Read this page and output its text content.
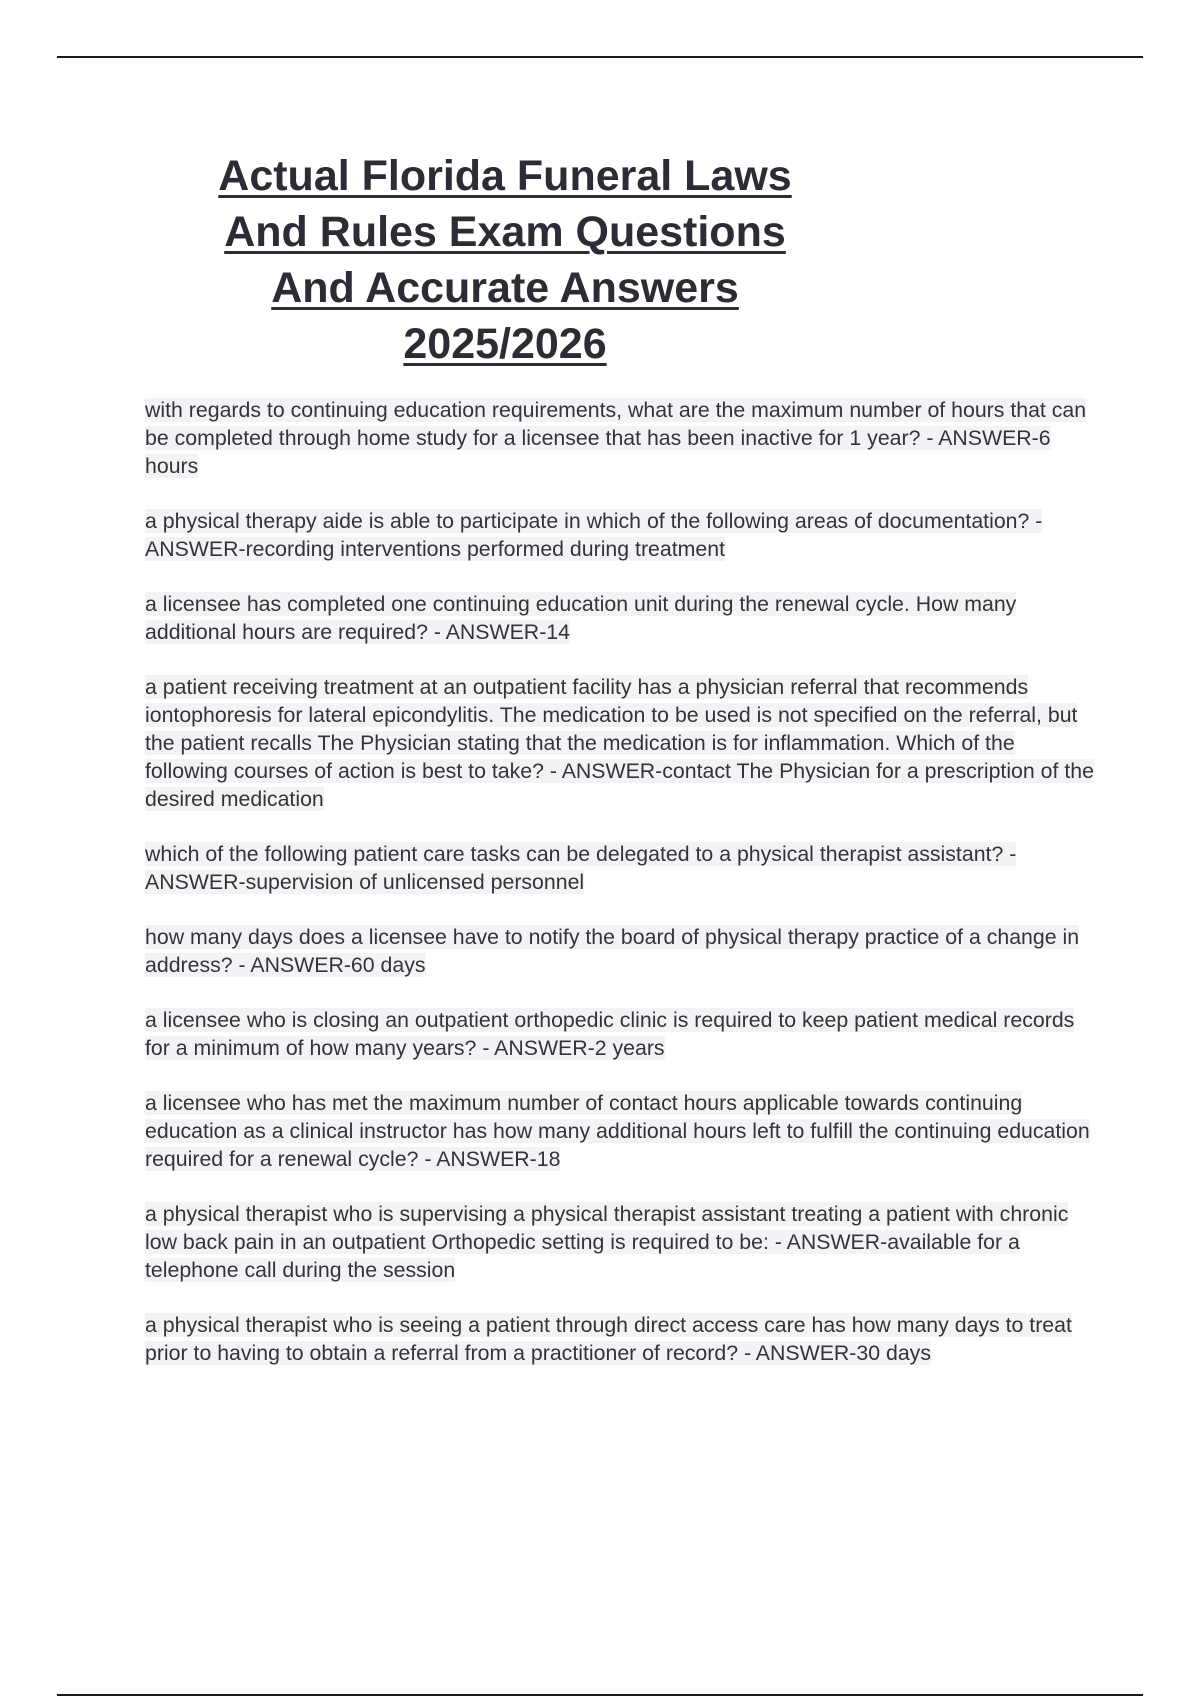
Actual Florida Funeral Laws
And Rules Exam Questions
And Accurate Answers
2025/2026

with regards to continuing education requirements, what are the maximum number of hours that can be completed through home study for a licensee that has been inactive for 1 year? - ANSWER-6 hours

a physical therapy aide is able to participate in which of the following areas of documentation? - ANSWER-recording interventions performed during treatment

a licensee has completed one continuing education unit during the renewal cycle. How many additional hours are required? - ANSWER-14

a patient receiving treatment at an outpatient facility has a physician referral that recommends iontophoresis for lateral epicondylitis. The medication to be used is not specified on the referral, but the patient recalls The Physician stating that the medication is for inflammation. Which of the following courses of action is best to take? - ANSWER-contact The Physician for a prescription of the desired medication

which of the following patient care tasks can be delegated to a physical therapist assistant? - ANSWER-supervision of unlicensed personnel

how many days does a licensee have to notify the board of physical therapy practice of a change in address? - ANSWER-60 days

a licensee who is closing an outpatient orthopedic clinic is required to keep patient medical records for a minimum of how many years? - ANSWER-2 years

a licensee who has met the maximum number of contact hours applicable towards continuing education as a clinical instructor has how many additional hours left to fulfill the continuing education required for a renewal cycle? - ANSWER-18

a physical therapist who is supervising a physical therapist assistant treating a patient with chronic low back pain in an outpatient Orthopedic setting is required to be: - ANSWER-available for a telephone call during the session

a physical therapist who is seeing a patient through direct access care has how many days to treat prior to having to obtain a referral from a practitioner of record? - ANSWER-30 days
